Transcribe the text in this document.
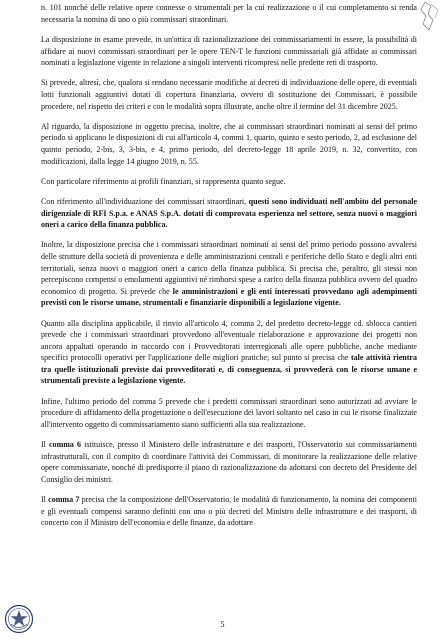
n. 101 nonché delle relative opere connesse o strumentali per la cui realizzazione o il cui completamento si renda necessaria la nomina di uno o più commissari straordinari.

La disposizione in esame prevede, in un'ottica di razionalizzazione dei commissariamenti in essere, la possibilità di affidare ai nuovi commissari straordinari per le opere TEN-T le funzioni commissariali già affidate ai commissari nominati a legislazione vigente in relazione a singoli interventi ricompresi nelle predette reti di trasporto.

Si prevede, altresì, che, qualora si rendano necessarie modifiche ai decreti di individuazione delle opere, di eventuali lotti funzionali aggiuntivi dotati di copertura finanziaria, ovvero di sostituzione dei Commissari, è possibile procedere, nel rispetto dei criteri e con le modalità sopra illustrate, anche oltre il termine del 31 dicembre 2025.

Al riguardo, la disposizione in oggetto precisa, inoltre, che ai commissari straordinari nominati ai sensi del primo periodo si applicano le disposizioni di cui all'articolo 4, commi 1, quarto, quinto e sesto periodo, 2, ad esclusione del quinto periodo, 2-bis, 3, 3-bis, e 4, primo periodo, del decreto-legge 18 aprile 2019, n. 32, convertito, con modificazioni, dalla legge 14 giugno 2019, n. 55.

Con particolare riferimento ai profili finanziari, si rappresenta quanto segue.

Con riferimento all'individuazione dei commissari straordinari, questi sono individuati nell'ambito del personale dirigenziale di RFI S.p.a. e ANAS S.p.A. dotati di comprovata esperienza nel settore, senza nuovi o maggiori oneri a carico della finanza pubblica.

Inoltre, la disposizione precisa che i commissari straordinari nominati ai sensi del primo periodo possono avvalersi delle strutture della società di provenienza e delle amministrazioni centrali e periferiche dello Stato e degli altri enti territoriali, senza nuovi o maggiori oneri a carico della finanza pubblica. Si precisa che, peraltro, gli stessi non percepiscono compensi o emolumenti aggiuntivi né rimborsi spese a carico della finanza pubblica ovvero del quadro economico di progetto. Si prevede che le amministrazioni e gli enti interessati provvedano agli adempimenti previsti con le risorse umane, strumentali e finanziarie disponibili a legislazione vigente.

Quanto alla disciplina applicabile, il rinvio all'articolo 4, comma 2, del predetto decreto-legge cd. sblocca cantieri prevede che i commissari straordinari provvedono all'eventuale rielaborazione e approvazione dei progetti non ancora appaltati operando in raccordo con i Provveditorati interregionali alle opere pubbliche, anche mediante specifici protocolli operativi per l'applicazione delle migliori pratiche; sul punto si precisa che tale attività rientra tra quelle istituzionali previste dai provveditorati e, di conseguenza, si provvederà con le risorse umane e strumentali previste a legislazione vigente.

Infine, l'ultimo periodo del comma 5 prevede che i predetti commissari straordinari sono autorizzati ad avviare le procedure di affidamento della progettazione o dell'esecuzione dei lavori soltanto nel caso in cui le risorse finalizzate all'intervento oggetto di commissariamento siano sufficienti alla sua realizzazione.

Il comma 6 istituisce, presso il Ministero delle infrastrutture e dei trasporti, l'Osservatorio sui commissariamenti infrastrutturali, con il compito di coordinare l'attività dei Commissari, di monitorare la realizzazione delle relative opere commissariate, nonché di predisporre il piano di razionalizzazione da adottarsi con decreto del Presidente del Consiglio dei ministri.

Il comma 7 precisa che la composizione dell'Osservatorio, le modalità di funzionamento, la nomina dei componenti e gli eventuali compensi saranno definiti con uno o più decreti del Ministro delle infrastrutture e dei trasporti, di concerto con il Ministro dell'economia e delle finanze, da adottare

5
